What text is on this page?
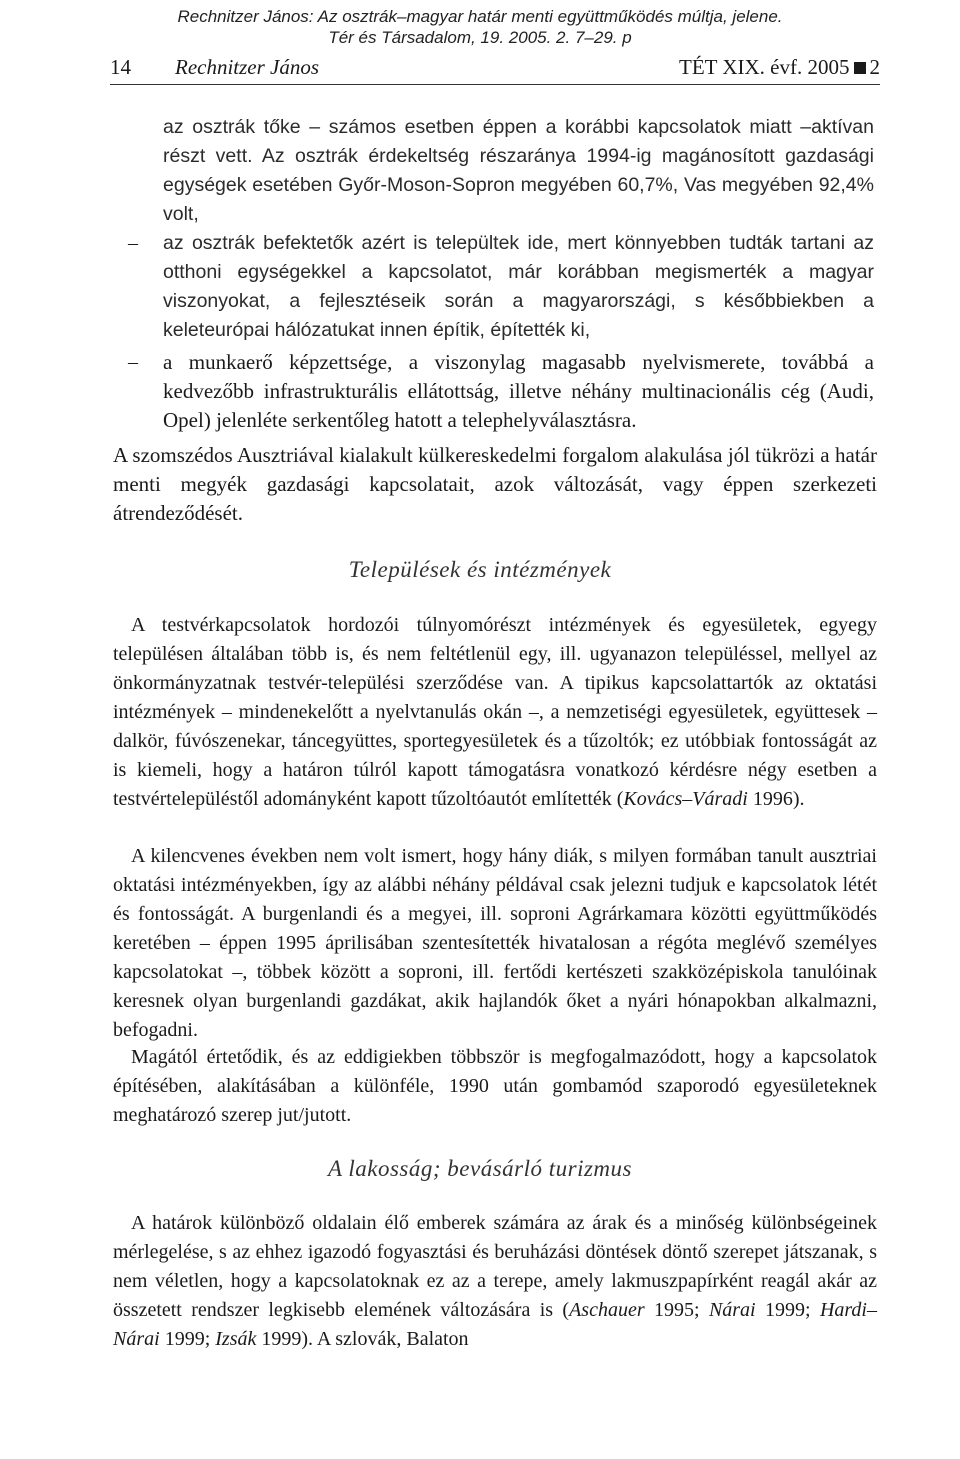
Rechnitzer János: Az osztrák–magyar határ menti együttműködés múltja, jelene.
Tér és Társadalom, 19. 2005. 2. 7–29. p
14 Rechnitzer János	TÉT XIX. évf. 2005 2

az osztrák tőke – számos esetben éppen a korábbi kapcsolatok miatt –aktívan részt vett. Az osztrák érdekeltség részaránya 1994-ig magánosított gazdasági egységek esetében Győr-Moson-Sopron megyében 60,7%, Vas megyében 92,4% volt,

– az osztrák befektetők azért is települtek ide, mert könnyebben tudták tartani az otthoni egységekkel a kapcsolatot, már korábban megismerték a magyar viszonyokat, a fejlesztéseik során a magyarországi, s későbbiekben a keleteurópai hálózatukat innen építik, építették ki,

– a munkaerő képzettsége, a viszonylag magasabb nyelvismerete, továbbá a kedvezőbb infrastrukturális ellátottság, illetve néhány multinacionális cég (Audi, Opel) jelenléte serkentőleg hatott a telephelyválasztásra.

A szomszédos Ausztriával kialakult külkereskedelmi forgalom alakulása jól tükrözi a határ menti megyék gazdasági kapcsolatait, azok változását, vagy éppen szerkezeti átrendeződését.

Települések és intézmények

A testvérkapcsolatok hordozói túlnyomórészt intézmények és egyesületek, egyegy településen általában több is, és nem feltétlenül egy, ill. ugyanazon településsel, mellyel az önkormányzatnak testvér-települési szerződése van. A tipikus kapcsolattartók az oktatási intézmények – mindenekelőtt a nyelvtanulás okán –, a nemzetiségi egyesületek, együttesek – dalkör, fúvószenekar, táncegyüttes, sportegyesületek és a tűzoltók; ez utóbbiak fontosságát az is kiemeli, hogy a határon túlról kapott támogatásra vonatkozó kérdésre négy esetben a testvértelepüléstől adományként kapott tűzoltóautót említették (Kovács–Váradi 1996).

A kilencvenes években nem volt ismert, hogy hány diák, s milyen formában tanult ausztriai oktatási intézményekben, így az alábbi néhány példával csak jelezni tudjuk e kapcsolatok létét és fontosságát. A burgenlandi és a megyei, ill. soproni Agrárkamara közötti együttműködés keretében – éppen 1995 áprilisában szentesítették hivatalosan a régóta meglévő személyes kapcsolatokat –, többek között a soproni, ill. fertődi kertészeti szakközépiskola tanulóinak keresnek olyan burgenlandi gazdákat, akik hajlandók őket a nyári hónapokban alkalmazni, befogadni.

Magától értetődik, és az eddigiekben többször is megfogalmazódott, hogy a kapcsolatok építésében, alakításában a különféle, 1990 után gombamód szaporodó egyesületeknek meghatározó szerep jut/jutott.

A lakosság; bevásárló turizmus

A határok különböző oldalain élő emberek számára az árak és a minőség különbségeinek mérlegelése, s az ehhez igazodó fogyasztási és beruházási döntések döntő szerepet játszanak, s nem véletlen, hogy a kapcsolatoknak ez az a terepe, amely lakmuszpapírként reagál akár az összetett rendszer legkisebb elemének változására is (Aschauer 1995; Nárai 1999; Hardi–Nárai 1999; Izsák 1999). A szlovák, Balaton
